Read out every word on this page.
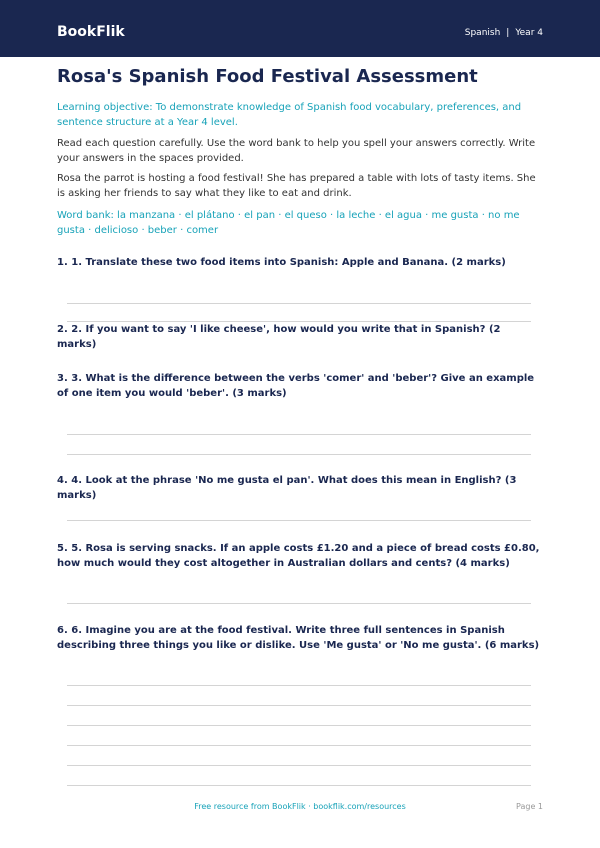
BookFlik	Spanish | Year 4
Rosa's Spanish Food Festival Assessment

Learning objective: To demonstrate knowledge of Spanish food vocabulary, preferences, and sentence structure at a Year 4 level.

Read each question carefully. Use the word bank to help you spell your answers correctly. Write your answers in the spaces provided.

Rosa the parrot is hosting a food festival! She has prepared a table with lots of tasty items. She is asking her friends to say what they like to eat and drink.

Word bank: la manzana · el plátano · el pan · el queso · la leche · el agua · me gusta · no me gusta · delicioso · beber · comer

1. 1. Translate these two food items into Spanish: Apple and Banana. (2 marks)

2. 2. If you want to say 'I like cheese', how would you write that in Spanish? (2 marks)

3. 3. What is the difference between the verbs 'comer' and 'beber'? Give an example of one item you would 'beber'. (3 marks)

4. 4. Look at the phrase 'No me gusta el pan'. What does this mean in English? (3 marks)

5. 5. Rosa is serving snacks. If an apple costs £1.20 and a piece of bread costs £0.80, how much would they cost altogether in Australian dollars and cents? (4 marks)

6. 6. Imagine you are at the food festival. Write three full sentences in Spanish describing three things you like or dislike. Use 'Me gusta' or 'No me gusta'. (6 marks)

Free resource from BookFlik · bookflik.com/resources	Page 1
